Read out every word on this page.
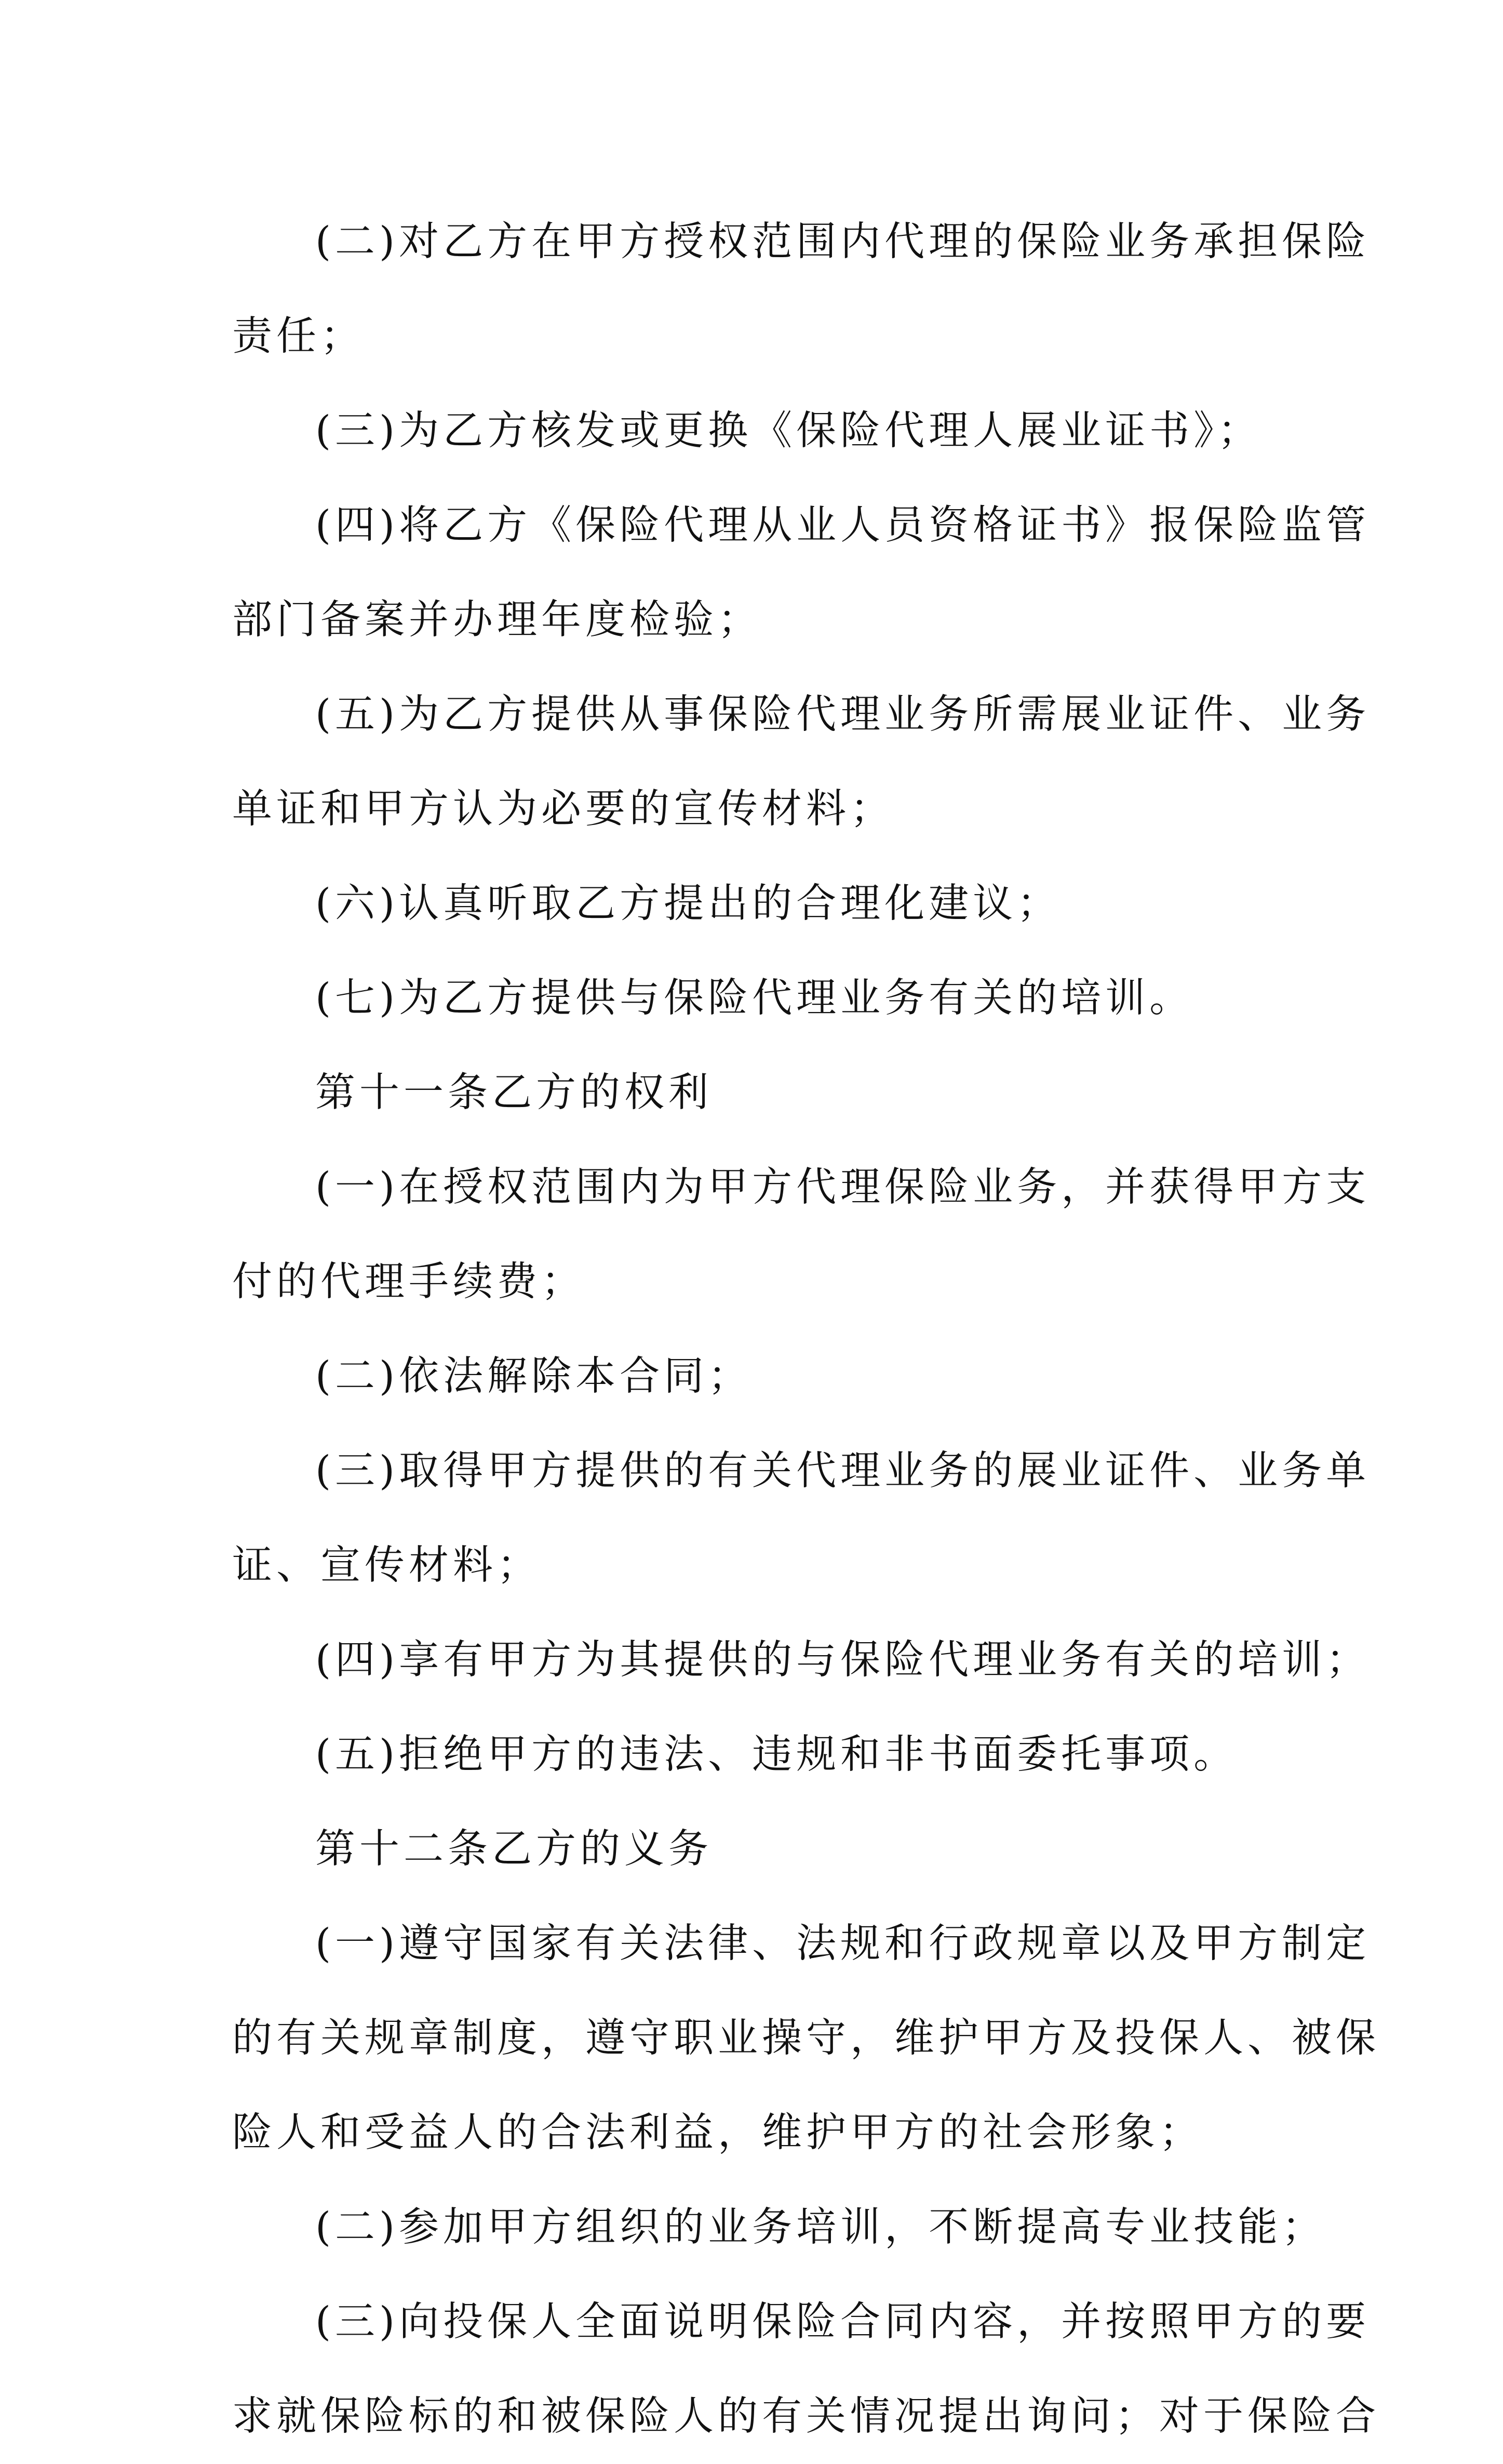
(二)对乙方在甲方授权范围内代理的保险业务承担保险
责任；
(三)为乙方核发或更换《保险代理人展业证书》；
(四)将乙方《保险代理从业人员资格证书》报保险监管
部门备案并办理年度检验；
(五)为乙方提供从事保险代理业务所需展业证件、业务
单证和甲方认为必要的宣传材料；
(六)认真听取乙方提出的合理化建议；
(七)为乙方提供与保险代理业务有关的培训。
第十一条乙方的权利
(一)在授权范围内为甲方代理保险业务，并获得甲方支
付的代理手续费；
(二)依法解除本合同；
(三)取得甲方提供的有关代理业务的展业证件、业务单
证、宣传材料；
(四)享有甲方为其提供的与保险代理业务有关的培训；
(五)拒绝甲方的违法、违规和非书面委托事项。
第十二条乙方的义务
(一)遵守国家有关法律、法规和行政规章以及甲方制定
的有关规章制度，遵守职业操守，维护甲方及投保人、被保
险人和受益人的合法利益，维护甲方的社会形象；
(二)参加甲方组织的业务培训，不断提高专业技能；
(三)向投保人全面说明保险合同内容，并按照甲方的要
求就保险标的和被保险人的有关情况提出询问；对于保险合
